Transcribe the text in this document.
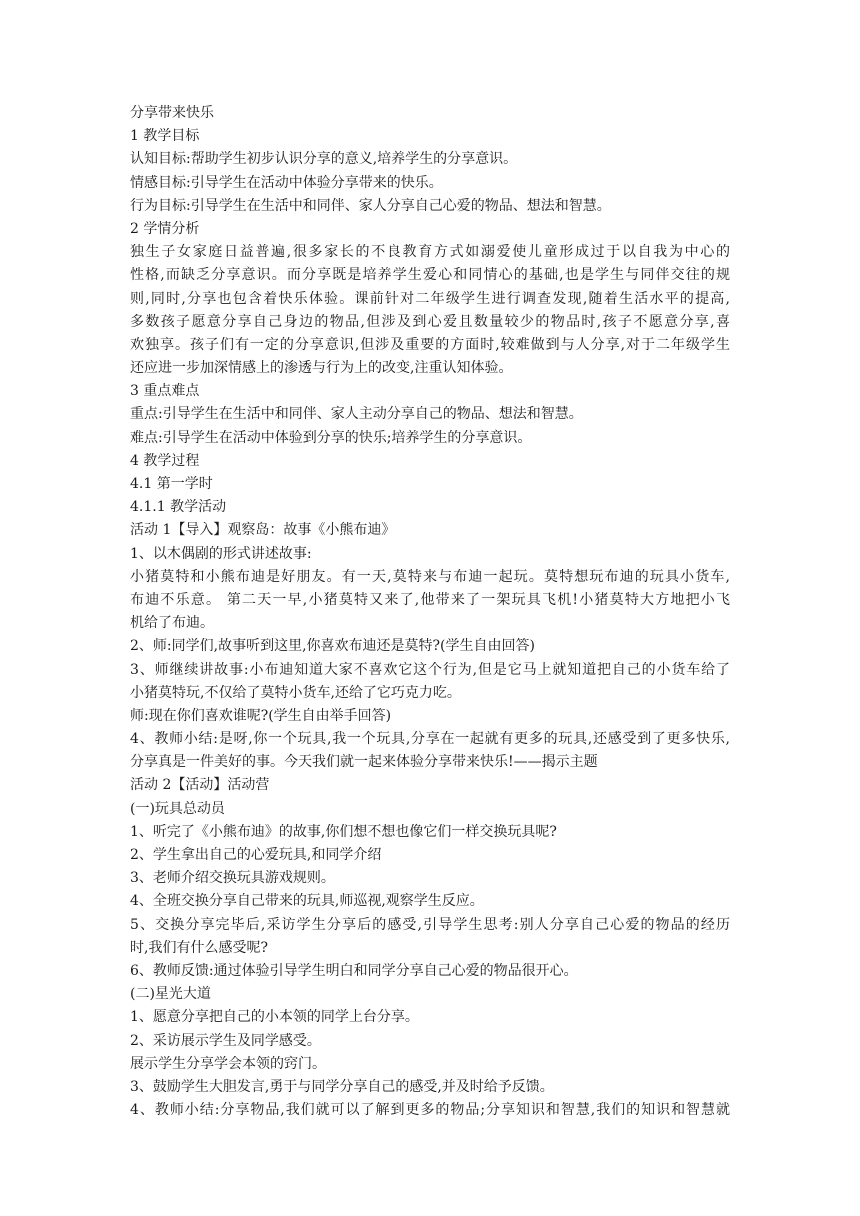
分享带来快乐
1 教学目标
认知目标:帮助学生初步认识分享的意义,培养学生的分享意识。
情感目标:引导学生在活动中体验分享带来的快乐。
行为目标:引导学生在生活中和同伴、家人分享自己心爱的物品、想法和智慧。
2 学情分析
独生子女家庭日益普遍,很多家长的不良教育方式如溺爱使儿童形成过于以自我为中心的
性格,而缺乏分享意识。而分享既是培养学生爱心和同情心的基础,也是学生与同伴交往的规
则,同时,分享也包含着快乐体验。课前针对二年级学生进行调查发现,随着生活水平的提高,
多数孩子愿意分享自己身边的物品,但涉及到心爱且数量较少的物品时,孩子不愿意分享,喜
欢独享。孩子们有一定的分享意识,但涉及重要的方面时,较难做到与人分享,对于二年级学生
还应进一步加深情感上的渗透与行为上的改变,注重认知体验。
3 重点难点
重点:引导学生在生活中和同伴、家人主动分享自己的物品、想法和智慧。
难点:引导学生在活动中体验到分享的快乐;培养学生的分享意识。
4 教学过程
4.1 第一学时
4.1.1 教学活动
活动 1【导入】观察岛：故事《小熊布迪》
1、以木偶剧的形式讲述故事:
小猪莫特和小熊布迪是好朋友。有一天,莫特来与布迪一起玩。莫特想玩布迪的玩具小货车,
布迪不乐意。 第二天一早,小猪莫特又来了,他带来了一架玩具飞机!小猪莫特大方地把小飞
机给了布迪。
2、师:同学们,故事听到这里,你喜欢布迪还是莫特?(学生自由回答)
3、师继续讲故事:小布迪知道大家不喜欢它这个行为,但是它马上就知道把自己的小货车给了
小猪莫特玩,不仅给了莫特小货车,还给了它巧克力吃。
师:现在你们喜欢谁呢?(学生自由举手回答)
4、教师小结:是呀,你一个玩具,我一个玩具,分享在一起就有更多的玩具,还感受到了更多快乐,
分享真是一件美好的事。今天我们就一起来体验分享带来快乐!——揭示主题
活动 2【活动】活动营
(一)玩具总动员
1、听完了《小熊布迪》的故事,你们想不想也像它们一样交换玩具呢?
2、学生拿出自己的心爱玩具,和同学介绍
3、老师介绍交换玩具游戏规则。
4、全班交换分享自己带来的玩具,师巡视,观察学生反应。
5、交换分享完毕后,采访学生分享后的感受,引导学生思考:别人分享自己心爱的物品的经历
时,我们有什么感受呢?
6、教师反馈:通过体验引导学生明白和同学分享自己心爱的物品很开心。
(二)星光大道
1、愿意分享把自己的小本领的同学上台分享。
2、采访展示学生及同学感受。
展示学生分享学会本领的窍门。
3、鼓励学生大胆发言,勇于与同学分享自己的感受,并及时给予反馈。
4、教师小结:分享物品,我们就可以了解到更多的物品;分享知识和智慧,我们的知识和智慧就
